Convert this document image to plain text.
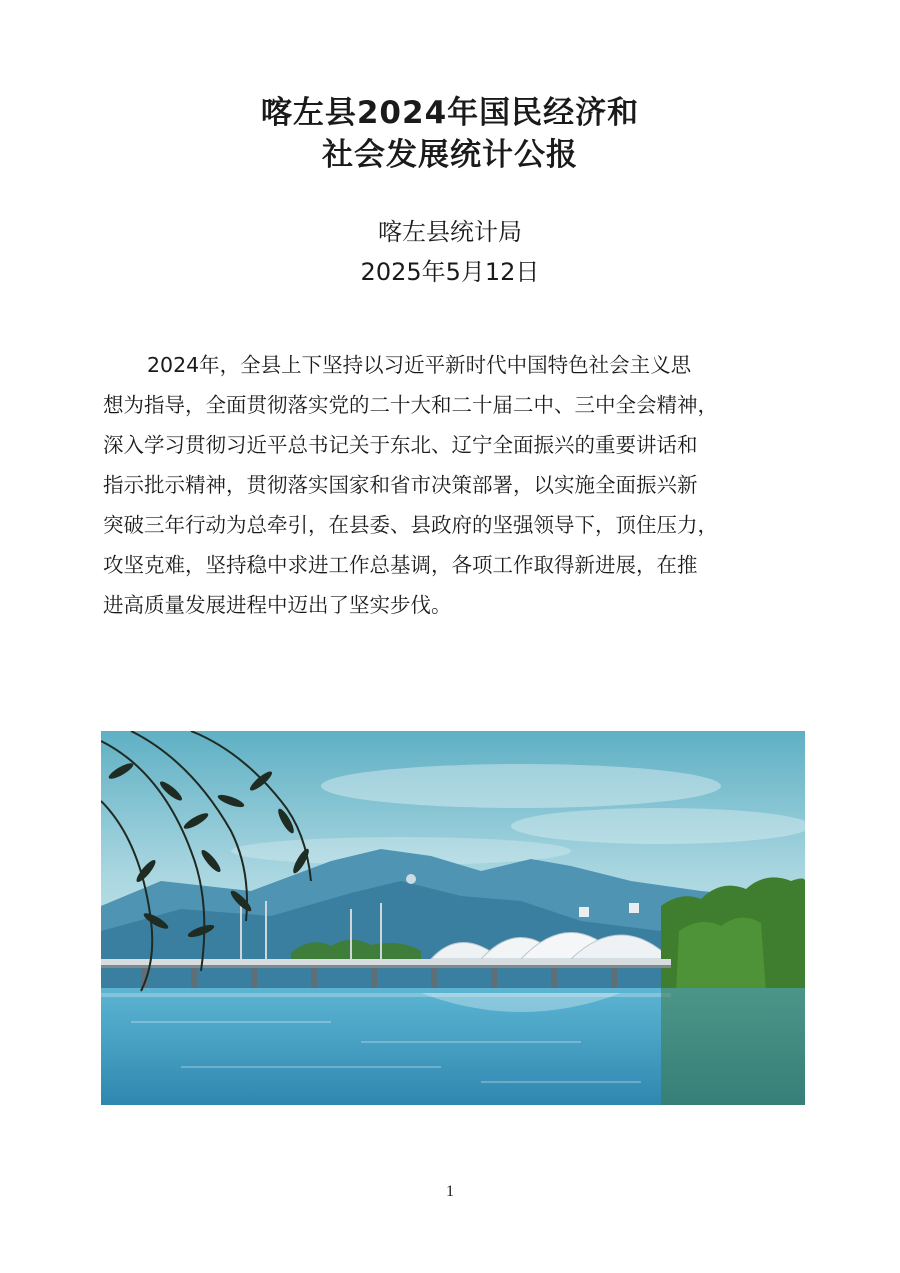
喀左县2024年国民经济和
社会发展统计公报
喀左县统计局
2025年5月12日
2024年，全县上下坚持以习近平新时代中国特色社会主义思
想为指导，全面贯彻落实党的二十大和二十届二中、三中全会精神，
深入学习贯彻习近平总书记关于东北、辽宁全面振兴的重要讲话和
指示批示精神，贯彻落实国家和省市决策部署，以实施全面振兴新
突破三年行动为总牵引，在县委、县政府的坚强领导下，顶住压力，
攻坚克难，坚持稳中求进工作总基调，各项工作取得新进展，在推
进高质量发展进程中迈出了坚实步伐。
1
